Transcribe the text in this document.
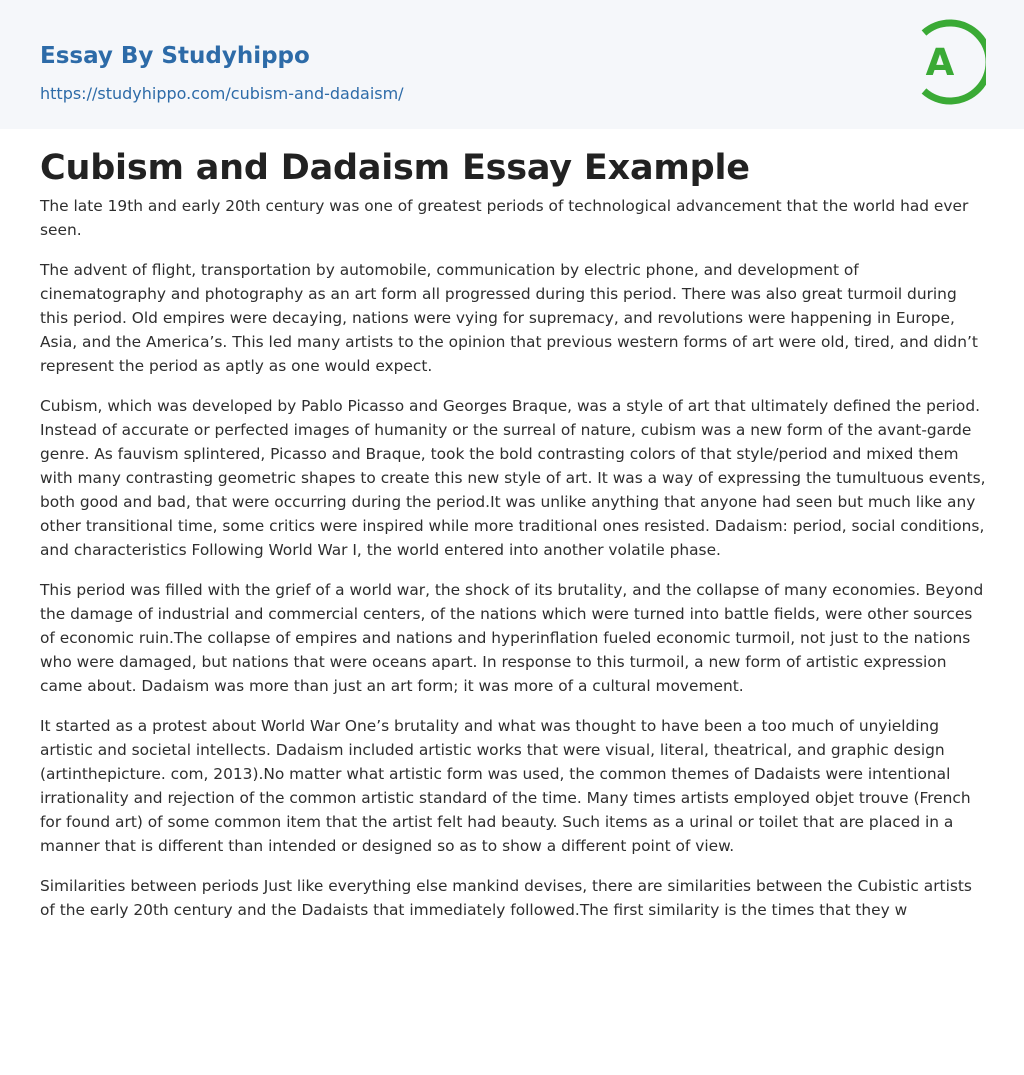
Essay By Studyhippo
https://studyhippo.com/cubism-and-dadaism/
A
Cubism and Dadaism Essay Example

The late 19th and early 20th century was one of greatest periods of technological advancement that the world had ever seen.

The advent of flight, transportation by automobile, communication by electric phone, and development of cinematography and photography as an art form all progressed during this period. There was also great turmoil during this period. Old empires were decaying, nations were vying for supremacy, and revolutions were happening in Europe, Asia, and the America’s. This led many artists to the opinion that previous western forms of art were old, tired, and didn’t represent the period as aptly as one would expect.

Cubism, which was developed by Pablo Picasso and Georges Braque, was a style of art that ultimately defined the period. Instead of accurate or perfected images of humanity or the surreal of nature, cubism was a new form of the avant-garde genre. As fauvism splintered, Picasso and Braque, took the bold contrasting colors of that style/period and mixed them with many contrasting geometric shapes to create this new style of art. It was a way of expressing the tumultuous events, both good and bad, that were occurring during the period.It was unlike anything that anyone had seen but much like any other transitional time, some critics were inspired while more traditional ones resisted. Dadaism: period, social conditions, and characteristics Following World War I, the world entered into another volatile phase.

This period was filled with the grief of a world war, the shock of its brutality, and the collapse of many economies. Beyond the damage of industrial and commercial centers, of the nations which were turned into battle fields, were other sources of economic ruin.The collapse of empires and nations and hyperinflation fueled economic turmoil, not just to the nations who were damaged, but nations that were oceans apart. In response to this turmoil, a new form of artistic expression came about. Dadaism was more than just an art form; it was more of a cultural movement.

It started as a protest about World War One’s brutality and what was thought to have been a too much of unyielding artistic and societal intellects. Dadaism included artistic works that were visual, literal, theatrical, and graphic design (artinthepicture. com, 2013).No matter what artistic form was used, the common themes of Dadaists were intentional irrationality and rejection of the common artistic standard of the time. Many times artists employed objet trouve (French for found art) of some common item that the artist felt had beauty. Such items as a urinal or toilet that are placed in a manner that is different than intended or designed so as to show a different point of view.

Similarities between periods Just like everything else mankind devises, there are similarities between the Cubistic artists of the early 20th century and the Dadaists that immediately followed.The first similarity is the times that they w
